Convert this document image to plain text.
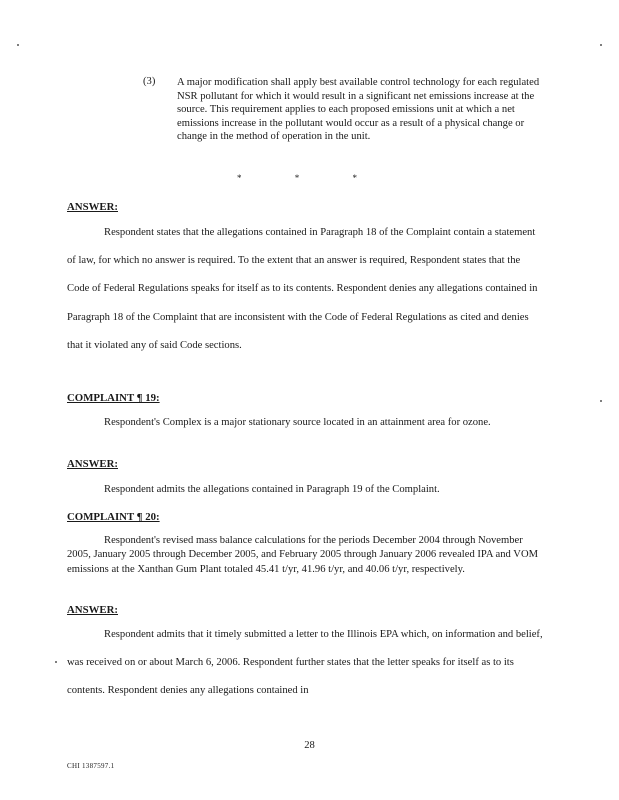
(3) A major modification shall apply best available control technology for each regulated NSR pollutant for which it would result in a significant net emissions increase at the source. This requirement applies to each proposed emissions unit at which a net emissions increase in the pollutant would occur as a result of a physical change or change in the method of operation in the unit.
*	*	*
ANSWER:
Respondent states that the allegations contained in Paragraph 18 of the Complaint contain a statement of law, for which no answer is required. To the extent that an answer is required, Respondent states that the Code of Federal Regulations speaks for itself as to its contents. Respondent denies any allegations contained in Paragraph 18 of the Complaint that are inconsistent with the Code of Federal Regulations as cited and denies that it violated any of said Code sections.
COMPLAINT ¶ 19:
Respondent's Complex is a major stationary source located in an attainment area for ozone.
ANSWER:
Respondent admits the allegations contained in Paragraph 19 of the Complaint.
COMPLAINT ¶ 20:
Respondent's revised mass balance calculations for the periods December 2004 through November 2005, January 2005 through December 2005, and February 2005 through January 2006 revealed IPA and VOM emissions at the Xanthan Gum Plant totaled 45.41 t/yr, 41.96 t/yr, and 40.06 t/yr, respectively.
ANSWER:
Respondent admits that it timely submitted a letter to the Illinois EPA which, on information and belief, was received on or about March 6, 2006. Respondent further states that the letter speaks for itself as to its contents. Respondent denies any allegations contained in
28
CHI 1387597.1
